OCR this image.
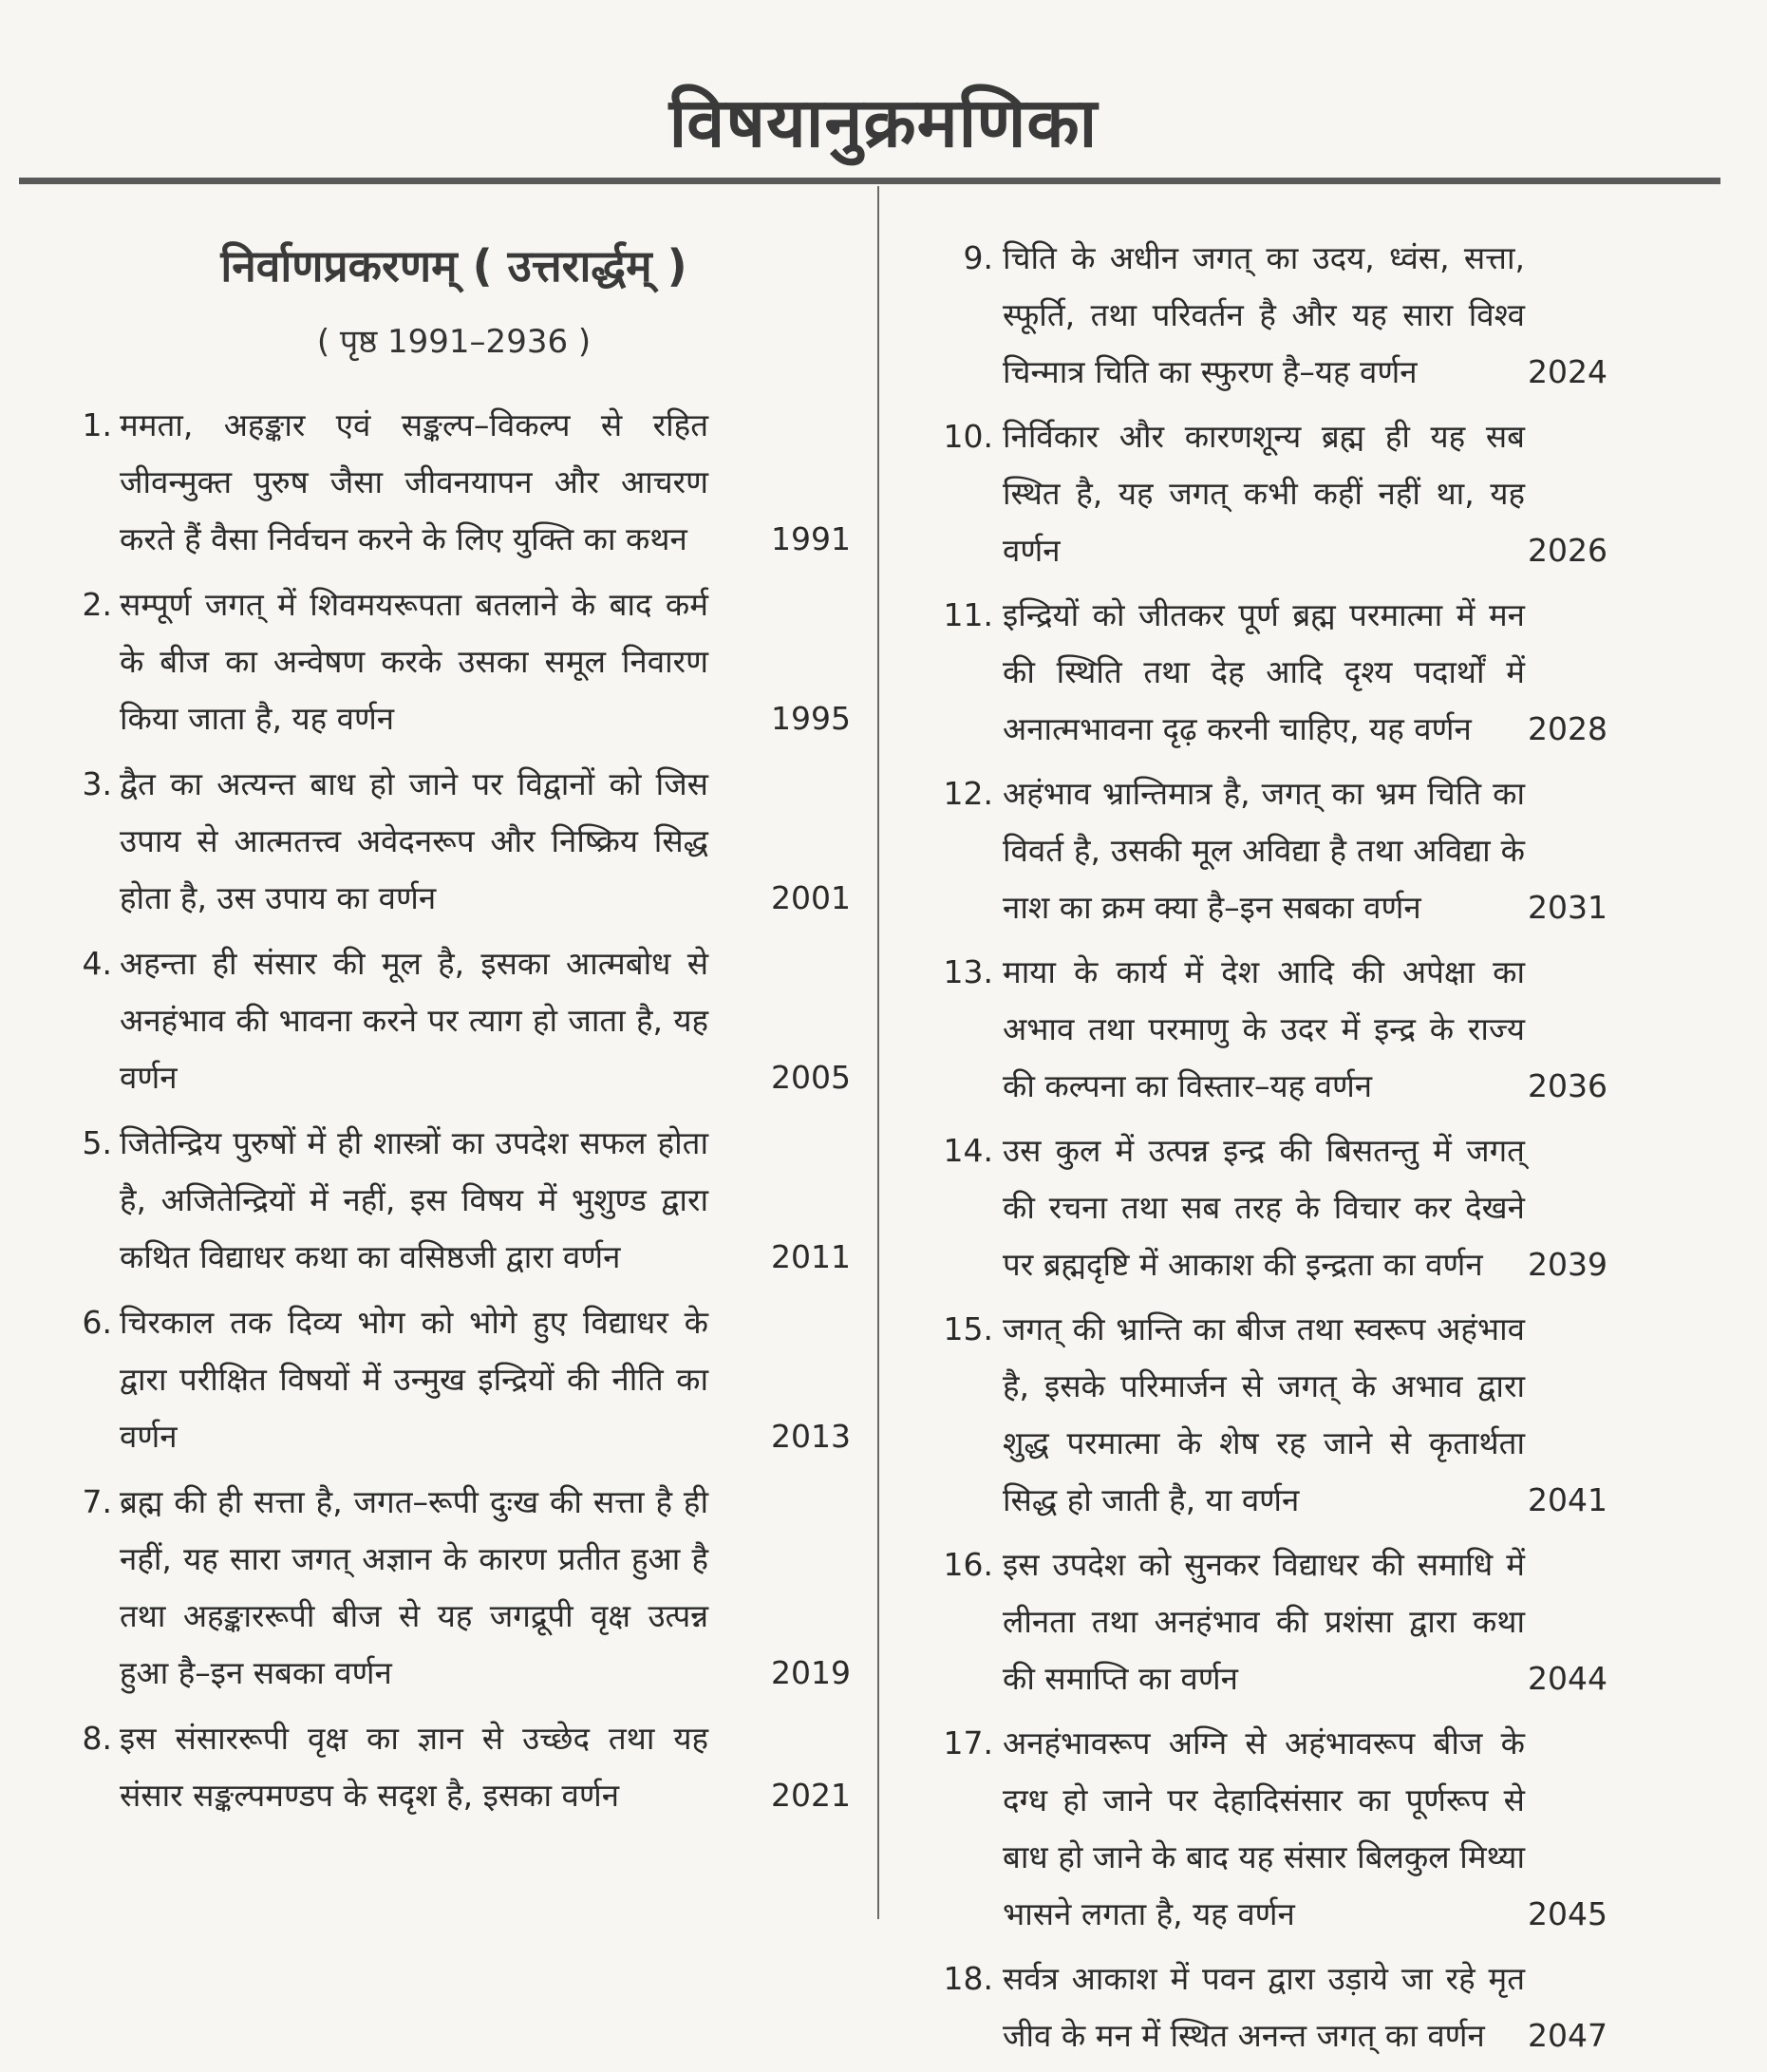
विषयानुक्रमणिका
निर्वाणप्रकरणम् ( उत्तरार्द्धम् )
( पृष्ठ 1991–2936 )
1. ममता, अहङ्कार एवं सङ्कल्प–विकल्प से रहित जीवन्मुक्त पुरुष जैसा जीवनयापन और आचरण करते हैं वैसा निर्वचन करने के लिए युक्ति का कथन	1991
2. सम्पूर्ण जगत् में शिवमयरूपता बतलाने के बाद कर्म के बीज का अन्वेषण करके उसका समूल निवारण किया जाता है, यह वर्णन	1995
3. द्वैत का अत्यन्त बाध हो जाने पर विद्वानों को जिस उपाय से आत्मतत्त्व अवेदनरूप और निष्क्रिय सिद्ध होता है, उस उपाय का वर्णन	2001
4. अहन्ता ही संसार की मूल है, इसका आत्मबोध से अनहंभाव की भावना करने पर त्याग हो जाता है, यह वर्णन	2005
5. जितेन्द्रिय पुरुषों में ही शास्त्रों का उपदेश सफल होता है, अजितेन्द्रियों में नहीं, इस विषय में भुशुण्ड द्वारा कथित विद्याधर कथा का वसिष्ठजी द्वारा वर्णन	2011
6. चिरकाल तक दिव्य भोग को भोगे हुए विद्याधर के द्वारा परीक्षित विषयों में उन्मुख इन्द्रियों की नीति का वर्णन	2013
7. ब्रह्म की ही सत्ता है, जगत–रूपी दुःख की सत्ता है ही नहीं, यह सारा जगत् अज्ञान के कारण प्रतीत हुआ है तथा अहङ्काररूपी बीज से यह जगद्रूपी वृक्ष उत्पन्न हुआ है–इन सबका वर्णन	2019
8. इस संसाररूपी वृक्ष का ज्ञान से उच्छेद तथा यह संसार सङ्कल्पमण्डप के सदृश है, इसका वर्णन	2021
9. चिति के अधीन जगत् का उदय, ध्वंस, सत्ता, स्फूर्ति, तथा परिवर्तन है और यह सारा विश्व चिन्मात्र चिति का स्फुरण है–यह वर्णन	2024
10. निर्विकार और कारणशून्य ब्रह्म ही यह सब स्थित है, यह जगत् कभी कहीं नहीं था, यह वर्णन	2026
11. इन्द्रियों को जीतकर पूर्ण ब्रह्म परमात्मा में मन की स्थिति तथा देह आदि दृश्य पदार्थों में अनात्मभावना दृढ़ करनी चाहिए, यह वर्णन	2028
12. अहंभाव भ्रान्तिमात्र है, जगत् का भ्रम चिति का विवर्त है, उसकी मूल अविद्या है तथा अविद्या के नाश का क्रम क्या है–इन सबका वर्णन	2031
13. माया के कार्य में देश आदि की अपेक्षा का अभाव तथा परमाणु के उदर में इन्द्र के राज्य की कल्पना का विस्तार–यह वर्णन	2036
14. उस कुल में उत्पन्न इन्द्र की बिसतन्तु में जगत् की रचना तथा सब तरह के विचार कर देखने पर ब्रह्मदृष्टि में आकाश की इन्द्रता का वर्णन	2039
15. जगत् की भ्रान्ति का बीज तथा स्वरूप अहंभाव है, इसके परिमार्जन से जगत् के अभाव द्वारा शुद्ध परमात्मा के शेष रह जाने से कृतार्थता सिद्ध हो जाती है, या वर्णन	2041
16. इस उपदेश को सुनकर विद्याधर की समाधि में लीनता तथा अनहंभाव की प्रशंसा द्वारा कथा की समाप्ति का वर्णन	2044
17. अनहंभावरूप अग्नि से अहंभावरूप बीज के दग्ध हो जाने पर देहादिसंसार का पूर्णरूप से बाध हो जाने के बाद यह संसार बिलकुल मिथ्या भासने लगता है, यह वर्णन	2045
18. सर्वत्र आकाश में पवन द्वारा उड़ाये जा रहे मृत जीव के मन में स्थित अनन्त जगत् का वर्णन	2047
